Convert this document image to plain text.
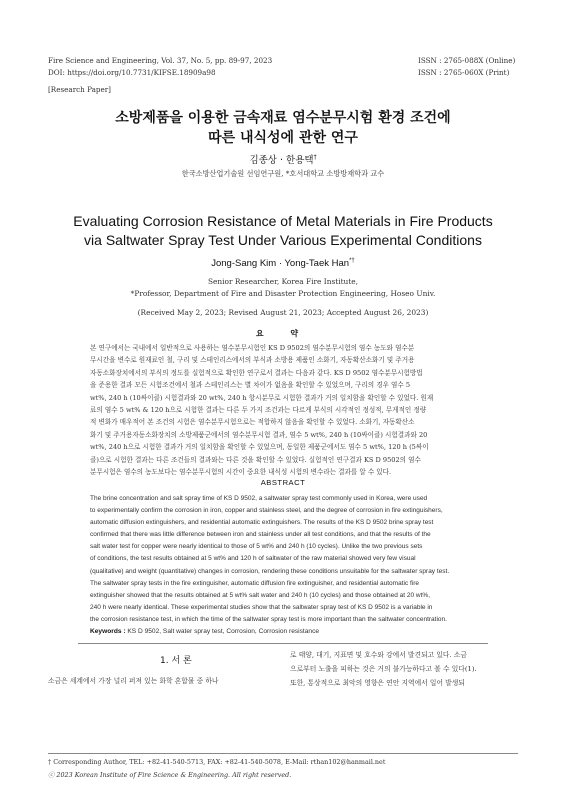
Fire Science and Engineering, Vol. 37, No. 5, pp. 89-97, 2023
DOI: https://doi.org/10.7731/KIFSE.18909a98
ISSN : 2765-088X (Online)
ISSN : 2765-060X (Print)
[Research Paper]
소방제품을 이용한 금속재료 염수분무시험 환경 조건에
따른 내식성에 관한 연구
김종상 · 한용택†
한국소방산업기술원 선임연구원, *호서대학교 소방방재학과 교수
Evaluating Corrosion Resistance of Metal Materials in Fire Products
via Saltwater Spray Test Under Various Experimental Conditions
Jong-Sang Kim · Yong-Taek Han*†
Senior Researcher, Korea Fire Institute,
*Professor, Department of Fire and Disaster Protection Engineering, Hoseo Univ.
(Received May 2, 2023; Revised August 21, 2023; Accepted August 26, 2023)
요 약

본 연구에서는 국내에서 일반적으로 사용하는 염수분무시험인 KS D 9502의 염수분무시험의 염수 농도와 염수분
무시간을 변수로 원재료인 철, 구리 및 스테인리스에서의 부식과 소방용 제품인 소화기, 자동확산소화기 및 주거용
자동소화장치에서의 부식의 정도를 실험적으로 확인한 연구로서 결과는 다음과 같다. KS D 9502 염수분무시험방법
을 준용한 결과 모든 시험조건에서 철과 스테인리스는 별 차이가 없음을 확인할 수 있었으며, 구리의 경우 염수 5
wt%, 240 h (10싸이클) 시험결과와 20 wt%, 240 h 항시분무로 시험한 결과가 거의 일치함을 확인할 수 있었다. 원재
료의 염수 5 wt% & 120 h으로 시험한 결과는 다른 두 가지 조건과는 다르게 부식의 시각적인 정성적, 무게적인 정량
적 변화가 매우적어 본 조건의 시험은 염수분무시험으로는 적합하지 않음을 확인할 수 있었다. 소화기, 자동확산소
화기 및 주거용자동소화장치의 소방제품군에서의 염수분무시험 결과, 염수 5 wt%, 240 h (10싸이클) 시험결과와 20
wt%, 240 h으로 시험한 결과가 거의 일치함을 확인할 수 있었으며, 동일한 제품군에서도 염수 5 wt%, 120 h (5싸이
클)으로 시험한 결과는 다른 조건들의 결과와는 다른 것을 확인할 수 있었다. 실험적인 연구결과 KS D 9502의 염수
분무시험은 염수의 농도보다는 염수분무시험의 시간이 중요한 내식성 시험의 변수라는 결과를 알 수 있다.

ABSTRACT

The brine concentration and salt spray time of KS D 9502, a saltwater spray test commonly used in Korea, were used
to experimentally confirm the corrosion in iron, copper and stainless steel, and the degree of corrosion in fire extinguishers,
automatic diffusion extinguishers, and residential automatic extinguishers. The results of the KS D 9502 brine spray test
confirmed that there was little difference between iron and stainless under all test conditions, and that the results of the
salt water test for copper were nearly identical to those of 5 wt% and 240 h (10 cycles). Unlike the two previous sets
of conditions, the test results obtained at 5 wt% and 120 h of saltwater of the raw material showed very few visual
(qualitative) and weight (quantitative) changes in corrosion, rendering these conditions unsuitable for the saltwater spray test.
The saltwater spray tests in the fire extinguisher, automatic diffusion fire extinguisher, and residential automatic fire
extinguisher showed that the results obtained at 5 wt% salt water and 240 h (10 cycles) and those obtained at 20 wt%,
240 h were nearly identical. These experimental studies show that the saltwater spray test of KS D 9502 is a variable in
the corrosion resistance test, in which the time of the saltwater spray test is more important than the saltwater concentration.

Keywords : KS D 9502, Salt water spray test, Corrosion, Corrosion resistance
1. 서 론

소금은 세계에서 가장 널리 퍼져 있는 화학 혼합물 중 하나

로 태양, 대기, 지표면 및 호수와 강에서 발견되고 있다. 소금
으로부터 노출을 피하는 것은 거의 불가능하다고 볼 수 있다(1).
또한, 통상적으로 최악의 영향은 연안 지역에서 일어 발생되

† Corresponding Author, TEL: +82-41-540-5713, FAX: +82-41-540-5078, E-Mail: rthan102@hanmail.net
ⓒ 2023 Korean Institute of Fire Science & Engineering. All right reserved.
